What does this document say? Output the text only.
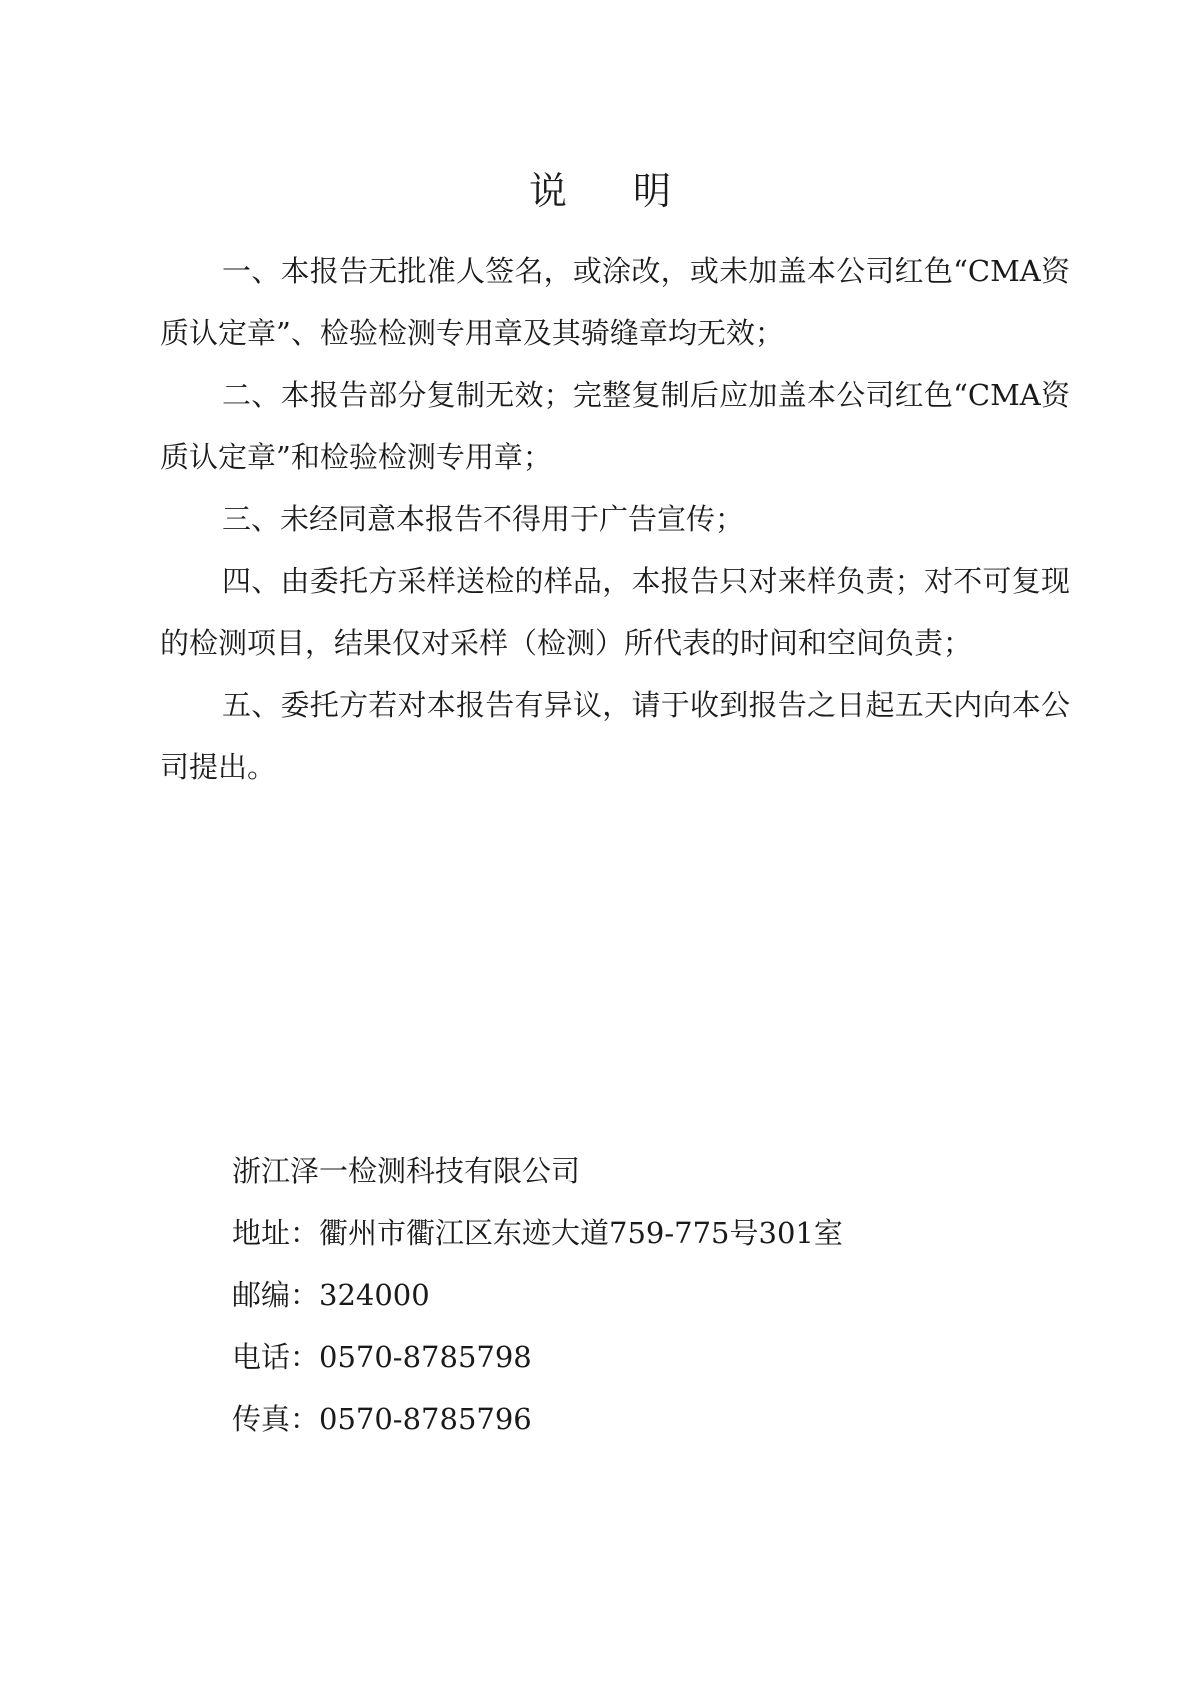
说明

一、本报告无批准人签名，或涂改，或未加盖本公司红色“CMA资质认定章”、检验检测专用章及其骑缝章均无效；

二、本报告部分复制无效；完整复制后应加盖本公司红色“CMA资质认定章”和检验检测专用章；

三、未经同意本报告不得用于广告宣传；

四、由委托方采样送检的样品，本报告只对来样负责；对不可复现的检测项目，结果仅对采样（检测）所代表的时间和空间负责；

五、委托方若对本报告有异议，请于收到报告之日起五天内向本公司提出。

浙江泽一检测科技有限公司
地址：衢州市衢江区东迹大道759-775号301室
邮编：324000
电话：0570-8785798
传真：0570-8785796
